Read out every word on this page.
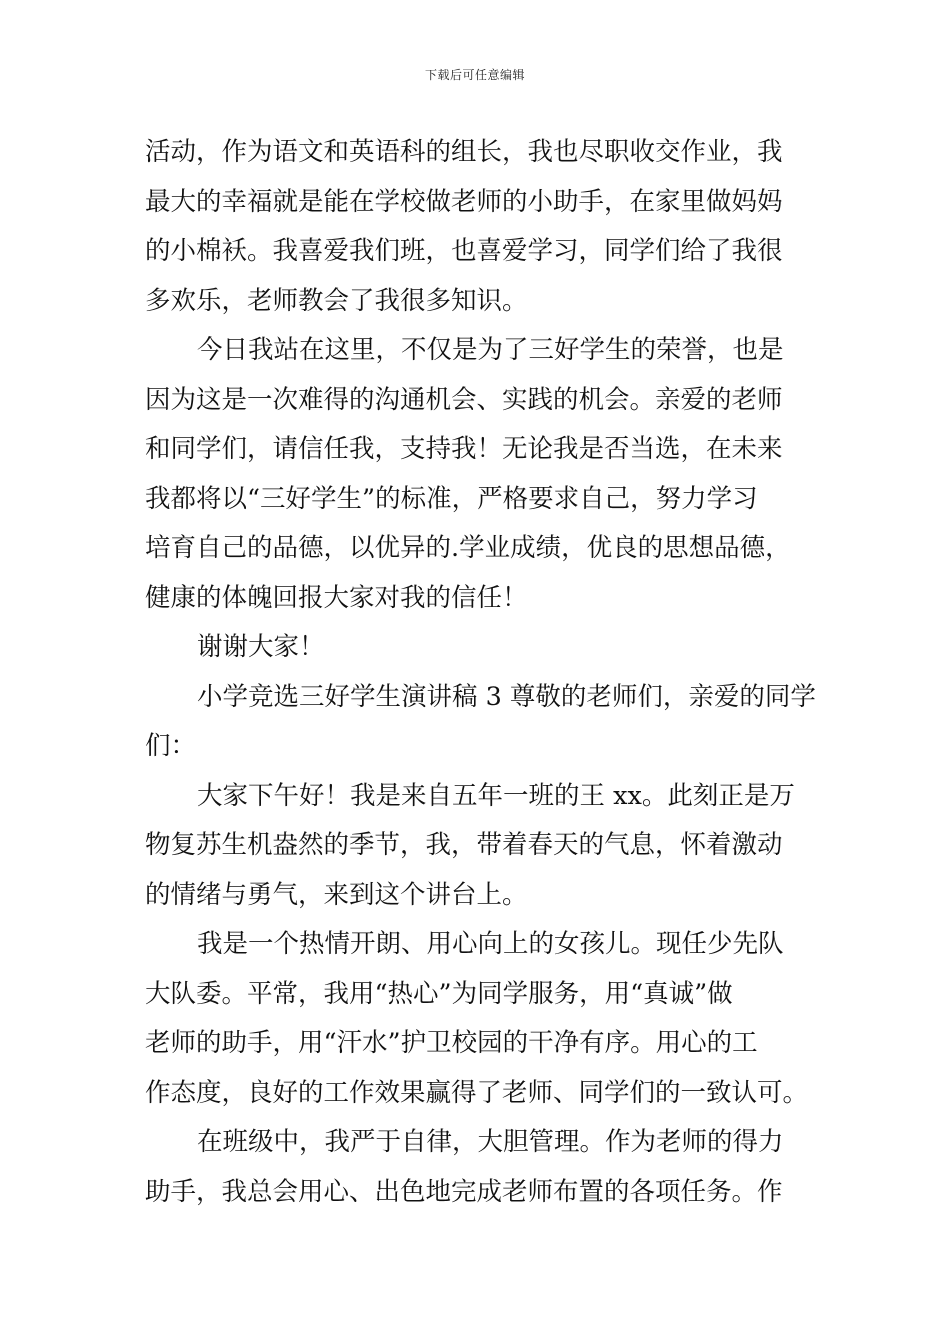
下载后可任意编辑
活动，作为语文和英语科的组长，我也尽职收交作业，我
最大的幸福就是能在学校做老师的小助手，在家里做妈妈
的小棉袄。我喜爱我们班，也喜爱学习，同学们给了我很
多欢乐，老师教会了我很多知识。
今日我站在这里，不仅是为了三好学生的荣誉，也是
因为这是一次难得的沟通机会、实践的机会。亲爱的老师
和同学们，请信任我，支持我！无论我是否当选，在未来
我都将以“三好学生”的标准，严格要求自己，努力学习
培育自己的品德，以优异的.学业成绩，优良的思想品德，
健康的体魄回报大家对我的信任！
谢谢大家！
小学竞选三好学生演讲稿 3 尊敬的老师们，亲爱的同学
们：
大家下午好！我是来自五年一班的王 xx。此刻正是万
物复苏生机盎然的季节，我，带着春天的气息，怀着激动
的情绪与勇气，来到这个讲台上。
我是一个热情开朗、用心向上的女孩儿。现任少先队
大队委。平常，我用“热心”为同学服务，用“真诚”做
老师的助手，用“汗水”护卫校园的干净有序。用心的工
作态度，良好的工作效果赢得了老师、同学们的一致认可。
在班级中，我严于自律，大胆管理。作为老师的得力
助手，我总会用心、出色地完成老师布置的各项任务。作
